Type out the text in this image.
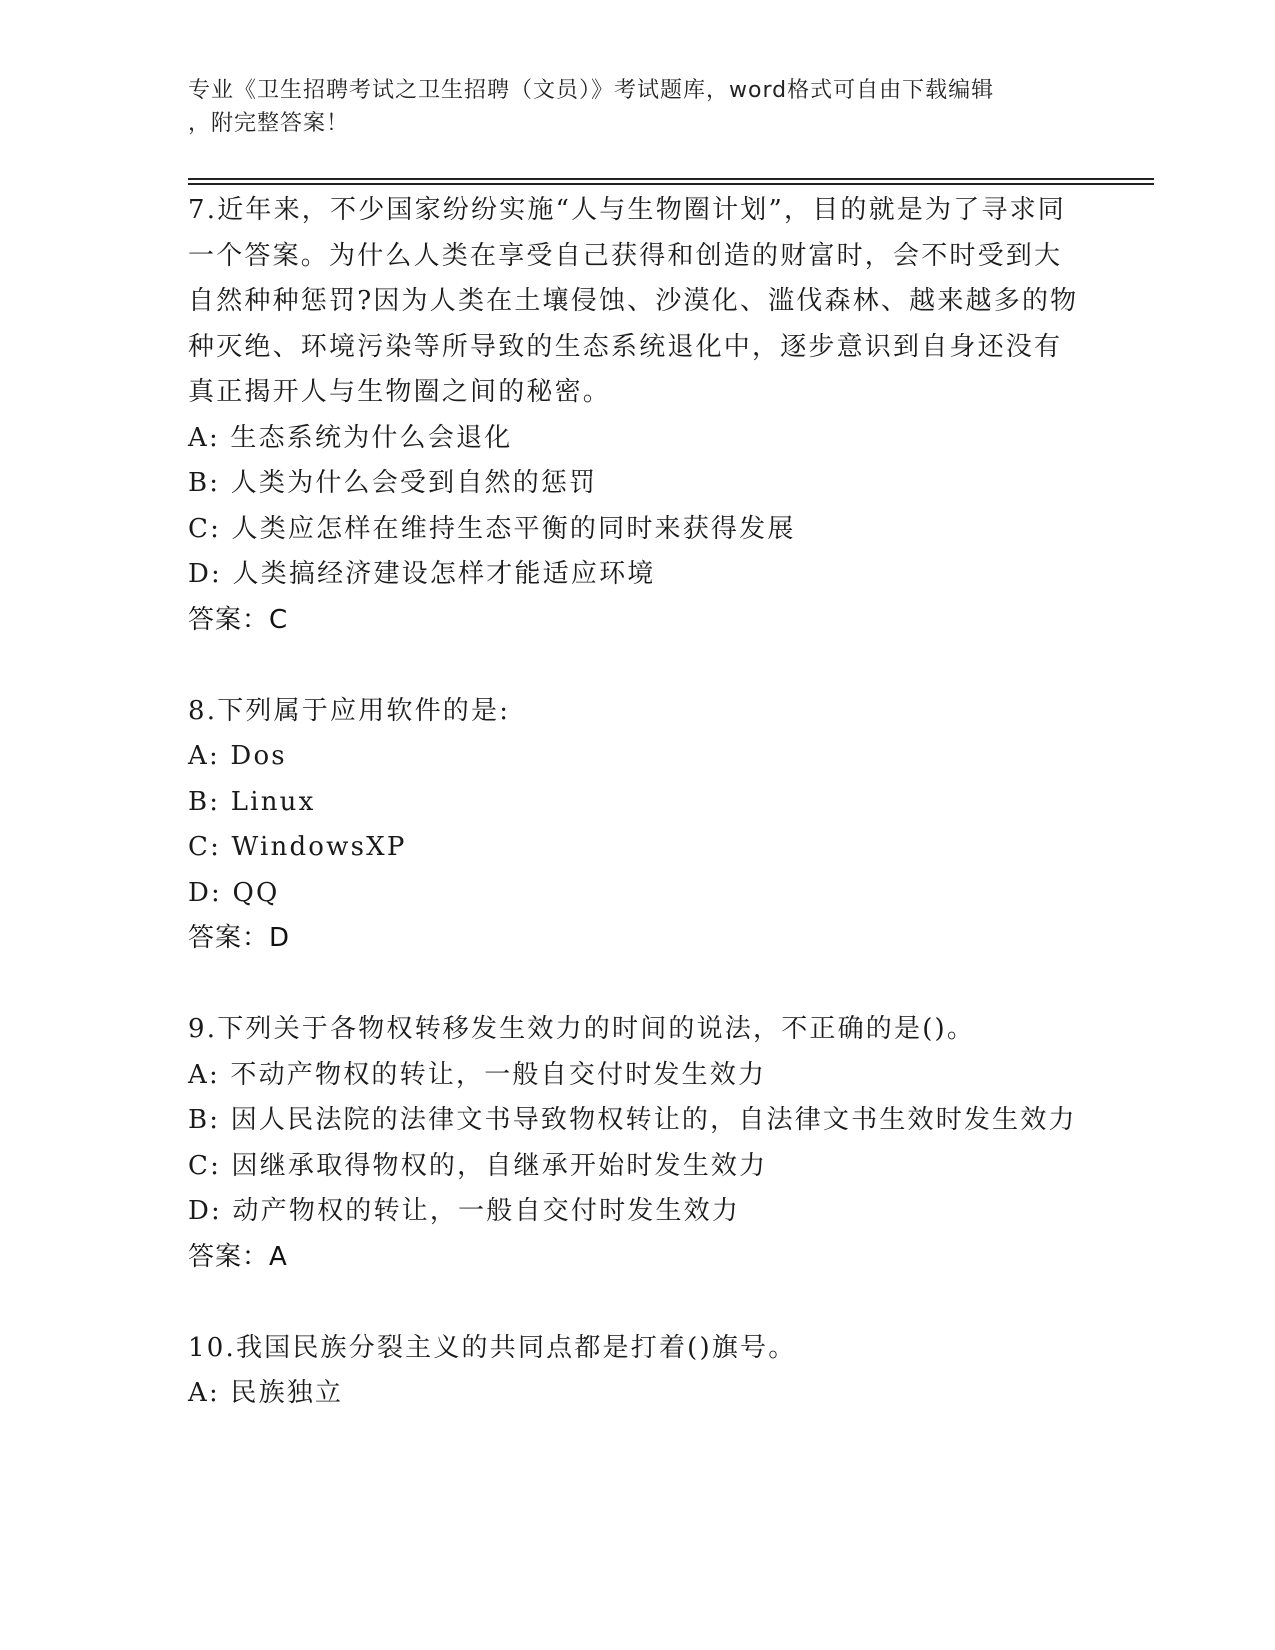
专业《卫生招聘考试之卫生招聘（文员）》考试题库，word格式可自由下载编辑
，附完整答案！

7.近年来，不少国家纷纷实施“人与生物圈计划”，目的就是为了寻求同一个答案。为什么人类在享受自己获得和创造的财富时，会不时受到大自然种种惩罚?因为人类在土壤侵蚀、沙漠化、滥伐森林、越来越多的物种灭绝、环境污染等所导致的生态系统退化中，逐步意识到自身还没有真正揭开人与生物圈之间的秘密。

A: 生态系统为什么会退化

B: 人类为什么会受到自然的惩罚

C: 人类应怎样在维持生态平衡的同时来获得发展

D: 人类搞经济建设怎样才能适应环境

答案：C

8.下列属于应用软件的是:

A: Dos

B: Linux

C: WindowsXP

D: QQ

答案：D

9.下列关于各物权转移发生效力的时间的说法，不正确的是()。

A: 不动产物权的转让，一般自交付时发生效力

B: 因人民法院的法律文书导致物权转让的，自法律文书生效时发生效力

C: 因继承取得物权的，自继承开始时发生效力

D: 动产物权的转让，一般自交付时发生效力

答案：A

10.我国民族分裂主义的共同点都是打着()旗号。

A: 民族独立
